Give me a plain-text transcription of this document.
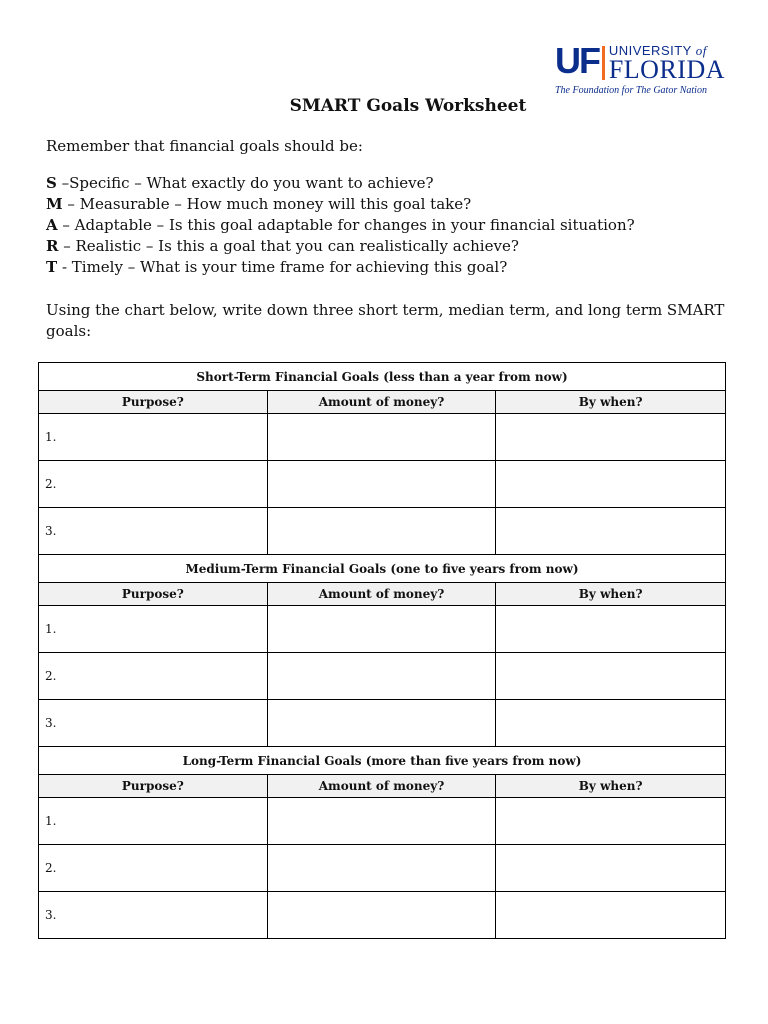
UF UNIVERSITY of
FLORIDA
The Foundation for The Gator Nation
SMART Goals Worksheet
Remember that financial goals should be:
S –Specific – What exactly do you want to achieve?
M – Measurable – How much money will this goal take?
A – Adaptable – Is this goal adaptable for changes in your financial situation?
R – Realistic – Is this a goal that you can realistically achieve?
T - Timely – What is your time frame for achieving this goal?
Using the chart below, write down three short term, median term, and long term SMART goals:
Short-Term Financial Goals (less than a year from now)		
Purpose?	Amount of money?	By when?
1.		
2.		
3.		
Medium-Term Financial Goals (one to five years from now)		
Purpose?	Amount of money?	By when?
1.		
2.		
3.		
Long-Term Financial Goals (more than five years from now)		
Purpose?	Amount of money?	By when?
1.		
2.		
3.		
